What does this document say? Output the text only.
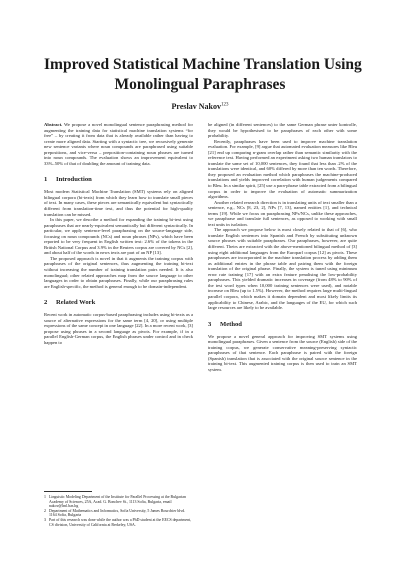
Improved Statistical Machine Translation Using
Monolingual Paraphrases
Preslav Nakov$^{123}$

Abstract. We propose a novel monolingual sentence paraphrasing method for augmenting the training data for statistical machine translation systems “for free” – by creating it from data that is already available rather than having to create more aligned data. Starting with a syntactic tree, we recursively generate new sentence variants where noun compounds are paraphrased using suitable prepositions, and vice-versa – preposition-containing noun phrases are turned into noun compounds. The evaluation shows an improvement equivalent to 33%–50% of that of doubling the amount of training data.

1 Introduction

Most modern Statistical Machine Translation (SMT) systems rely on aligned bilingual corpora (bi-texts) from which they learn how to translate small pieces of text. In many cases, these pieces are semantically equivalent but syntactically different from translation-time text, and thus the potential for high-quality translation can be missed.

In this paper, we describe a method for expanding the training bi-text using paraphrases that are nearly-equivalent semantically but different syntactically. In particular, we apply sentence-level paraphrasing on the source-language side, focusing on noun compounds (NCs) and noun phrases (NPs), which have been reported to be very frequent in English written text: 2.6% of the tokens in the British National Corpus and 3.9% in the Reuters corpus are covered by NCs [2], and about half of the words in news texts are part of an NP [13].

The proposed approach is novel in that it augments the training corpus with paraphrases of the original sentences, thus augmenting the training bi-text without increasing the number of training translation pairs needed. It is also monolingual; other related approaches map from the source language to other languages in order to obtain paraphrases. Finally, while our paraphrasing rules are English-specific, the method is general enough to be domain-independent.

2 Related Work

Recent work in automatic corpus-based paraphrasing includes using bi-texts as a source of alternative expressions for the same term [4, 20], or using multiple expressions of the same concept in one language [22]. In a more recent work, [3] propose using phrases in a second language as pivots. For example, if in a parallel English-German corpus, the English phrases under control and in check happen to

1 Linguistic Modeling Department of the Institute for Parallel Processing at the Bulgarian Academy of Sciences, 25A, Acad. G. Bonchev St., 1113 Sofia, Bulgaria, email nakov@lml.bas.bg
2 Department of Mathematics and Informatics, Sofia University, 5 James Bourchier blvd. 1164 Sofia, Bulgaria
3 Part of this research was done while the author was a PhD student at the EECS department, CS division, University of California at Berkeley, USA.

be aligned (in different sentences) to the same German phrase unter kontrolle, they would be hypothesised to be paraphrases of each other with some probability.

Recently, paraphrases have been used to improve machine translation evaluation. For example, [9] argue that automated evaluation measures like Bleu [21] end up comparing n-gram overlap rather than semantic similarity with the reference text. Having performed an experiment asking two human translators to translate the same set of 10,000 sentences, they found that less than .2% of the translations were identical, and 60% differed by more than ten words. Therefore, they proposed an evaluation method which paraphrases the machine-produced translations and yields improved correlation with human judgements compared to Bleu. In a similar spirit, [25] use a para-phrase table extracted from a bilingual corpus in order to improve the evaluation of automatic summarization algorithms.

Another related research direction is in translating units of text smaller than a sentence, e.g., NCs [8, 23, 2], NPs [7, 13], named entities [1], and technical terms [19]. While we focus on paraphrasing NPs/NCs, unlike these approaches, we paraphrase and translate full sentences, as opposed to working with small text units in isolation.

The approach we propose below is most closely related to that of [6], who translate English sentences into Spanish and French by substituting unknown source phrases with suitable paraphrases. Our paraphrases, however, are quite different. Theirs are extracted with the above-mentioned bilingual method of [3] using eight additional languages from the Europarl corpus [12] as pivots. These paraphrases are incorporated in the machine translation process by adding them as additional entries in the phrase table and pairing them with the foreign translation of the original phrase. Finally, the system is tuned using minimum error rate training [17] with an extra feature penalising the low-probability paraphrases. This yielded dramatic increases in coverage (from 48% to 90% of the test word types when 10,000 training sentences were used), and notable increase on Bleu (up to 1.5%). However, the method requires large multi-lingual parallel corpora, which makes it domain dependent and most likely limits its applicability to Chinese, Arabic, and the languages of the EU, for which such large resources are likely to be available.

3 Method

We propose a novel general approach for improving SMT systems using monolingual paraphrases. Given a sentence from the source (English) side of the training corpus, we generate conservative meaning-preserving syntactic paraphrases of that sentence. Each paraphrase is paired with the foreign (Spanish) translation that is associated with the original source sentence in the training bi-text. This augmented training corpus is then used to train an SMT system.
